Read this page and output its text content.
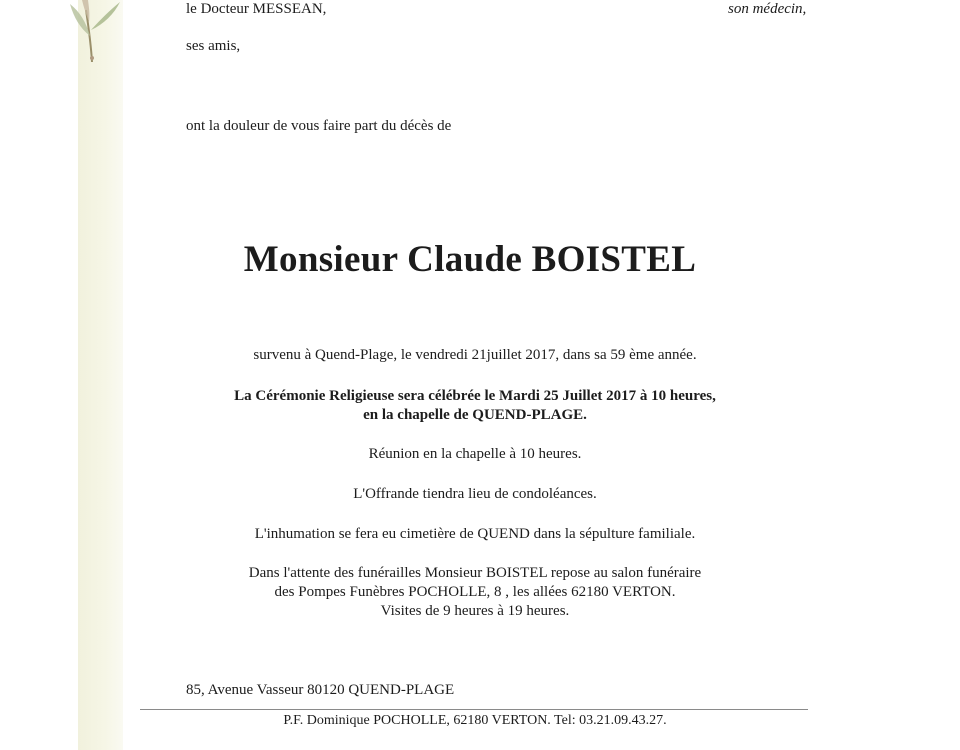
le Docteur MESSEAN,	son médecin,
ses amis,
ont la douleur de vous faire part du décès de
Monsieur Claude BOISTEL
survenu à Quend-Plage, le vendredi 21juillet 2017, dans sa 59 ème année.
La Cérémonie Religieuse sera célébrée le Mardi 25 Juillet 2017 à 10 heures,
en la chapelle de QUEND-PLAGE.
Réunion en la chapelle à 10 heures.
L'Offrande tiendra lieu de condoléances.
L'inhumation se fera eu cimetière de QUEND dans la sépulture familiale.
Dans l'attente des funérailles Monsieur BOISTEL repose au salon funéraire
des Pompes Funèbres POCHOLLE, 8 , les allées 62180 VERTON.
Visites de 9 heures à 19 heures.
85, Avenue Vasseur 80120 QUEND-PLAGE
P.F. Dominique POCHOLLE, 62180 VERTON. Tel: 03.21.09.43.27.
